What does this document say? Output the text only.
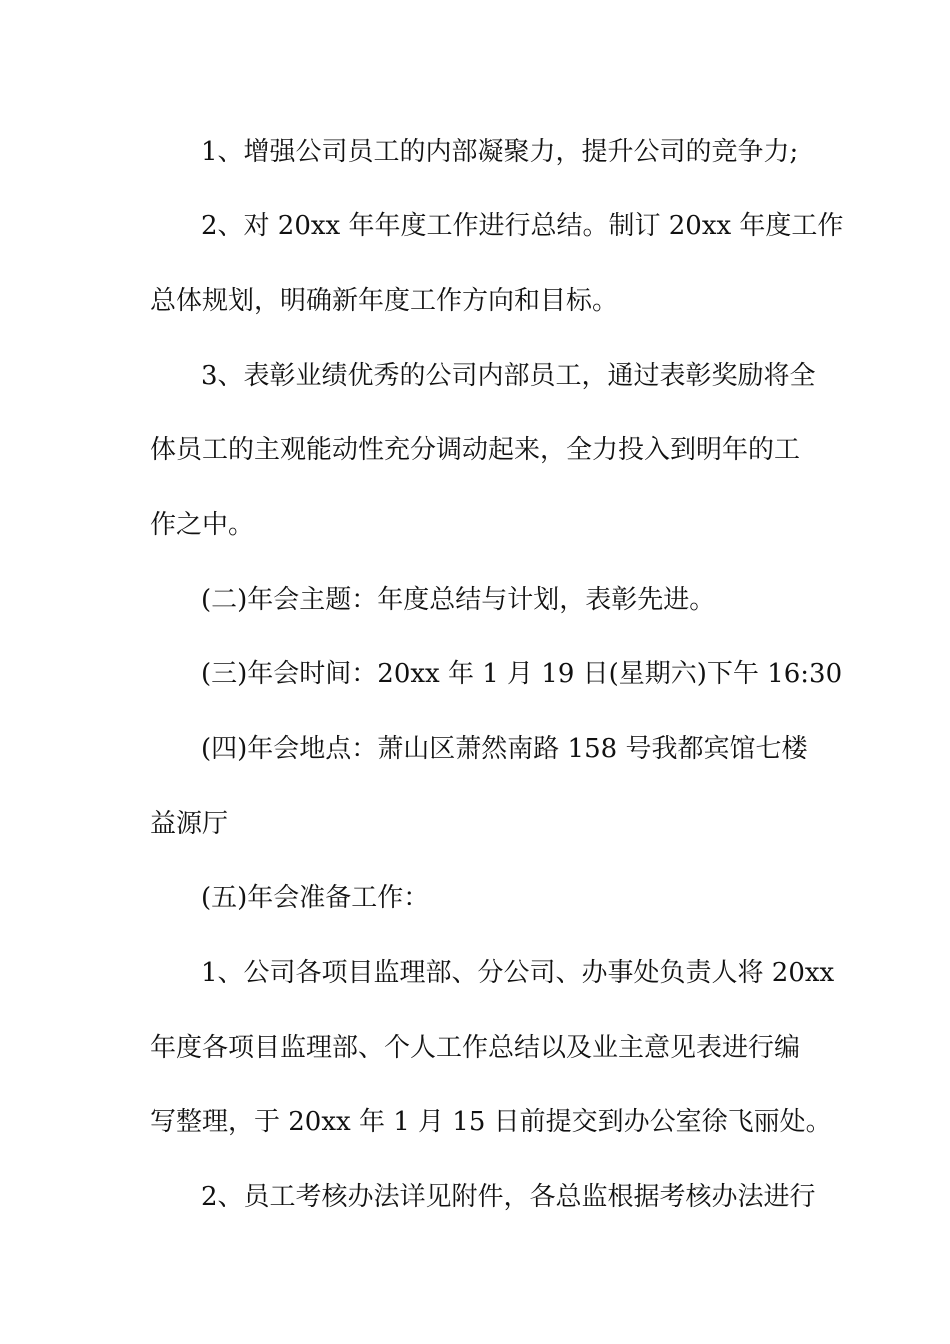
1、增强公司员工的内部凝聚力，提升公司的竞争力;
2、对 20xx 年年度工作进行总结。制订 20xx 年度工作
总体规划，明确新年度工作方向和目标。
3、表彰业绩优秀的公司内部员工，通过表彰奖励将全
体员工的主观能动性充分调动起来，全力投入到明年的工
作之中。
(二)年会主题：年度总结与计划，表彰先进。
(三)年会时间：20xx 年 1 月 19 日(星期六)下午 16:30
(四)年会地点：萧山区萧然南路 158 号我都宾馆七楼
益源厅
(五)年会准备工作：
1、公司各项目监理部、分公司、办事处负责人将 20xx
年度各项目监理部、个人工作总结以及业主意见表进行编
写整理，于 20xx 年 1 月 15 日前提交到办公室徐飞丽处。
2、员工考核办法详见附件，各总监根据考核办法进行
